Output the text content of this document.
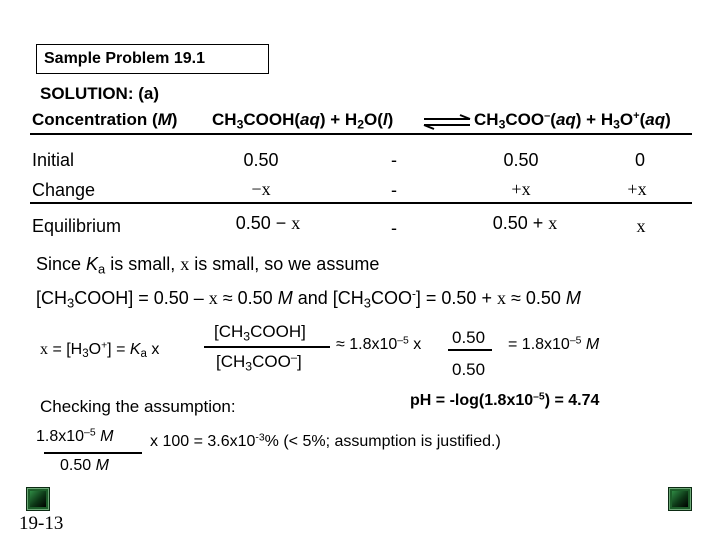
Sample Problem 19.1
SOLUTION: (a)
Concentration (M) $CH_3COOH(aq) + H_2O(l)$ ⇌ $CH_3COO^-(aq) + H_3O^+(aq)$
Initial	0.50	-	0.50	0
Change	−x	-	+x	+x
Equilibrium	0.50 − x	-	0.50 + x	x
Since $K_a$ is small, x is small, so we assume
$[CH_3COOH] = 0.50 - x \approx 0.50$ M and $[CH_3COO^-] = 0.50 + x \approx 0.50$ M
$x = [H_3O^+] = K_a$ x
$[CH_3COOH]$
$[CH_3COO^-]$
≈ $1.8x10^{-5}$ x 0.50
0.50
= $1.8x10^{-5}$ M
pH = $-\log(1.8x10^{-5}) = 4.74$
Checking the assumption:
$1.8x10^{-5}$ M
0.50 M
x $100 = 3.6x10^{-3}\%$ (< 5%; assumption is justified.)
19-13
